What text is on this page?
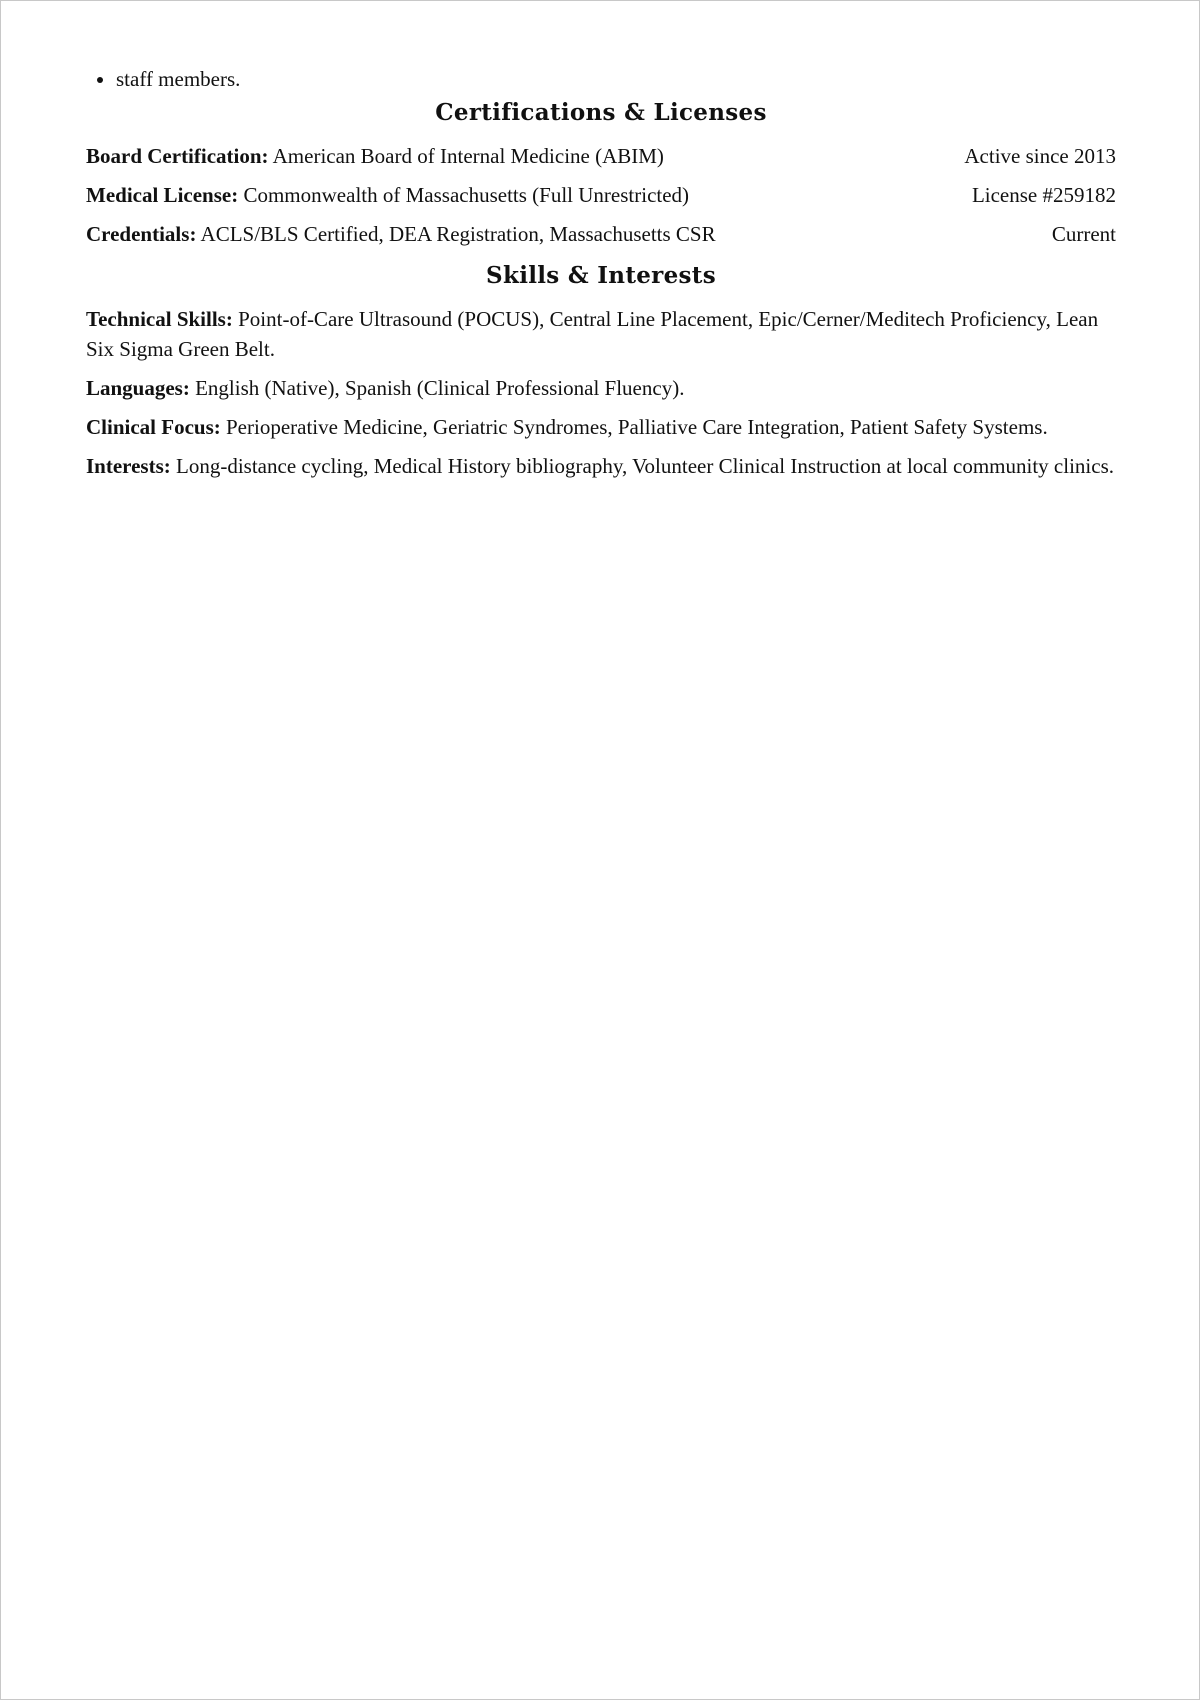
• staff members.
Certifications & Licenses
Board Certification: American Board of Internal Medicine (ABIM)	Active since 2013
Medical License: Commonwealth of Massachusetts (Full Unrestricted)	License #259182
Credentials: ACLS/BLS Certified, DEA Registration, Massachusetts CSR	Current
Skills & Interests

Technical Skills: Point-of-Care Ultrasound (POCUS), Central Line Placement, Epic/Cerner/Meditech Proficiency, Lean Six Sigma Green Belt.

Languages: English (Native), Spanish (Clinical Professional Fluency).

Clinical Focus: Perioperative Medicine, Geriatric Syndromes, Palliative Care Integration, Patient Safety Systems.

Interests: Long-distance cycling, Medical History bibliography, Volunteer Clinical Instruction at local community clinics.
